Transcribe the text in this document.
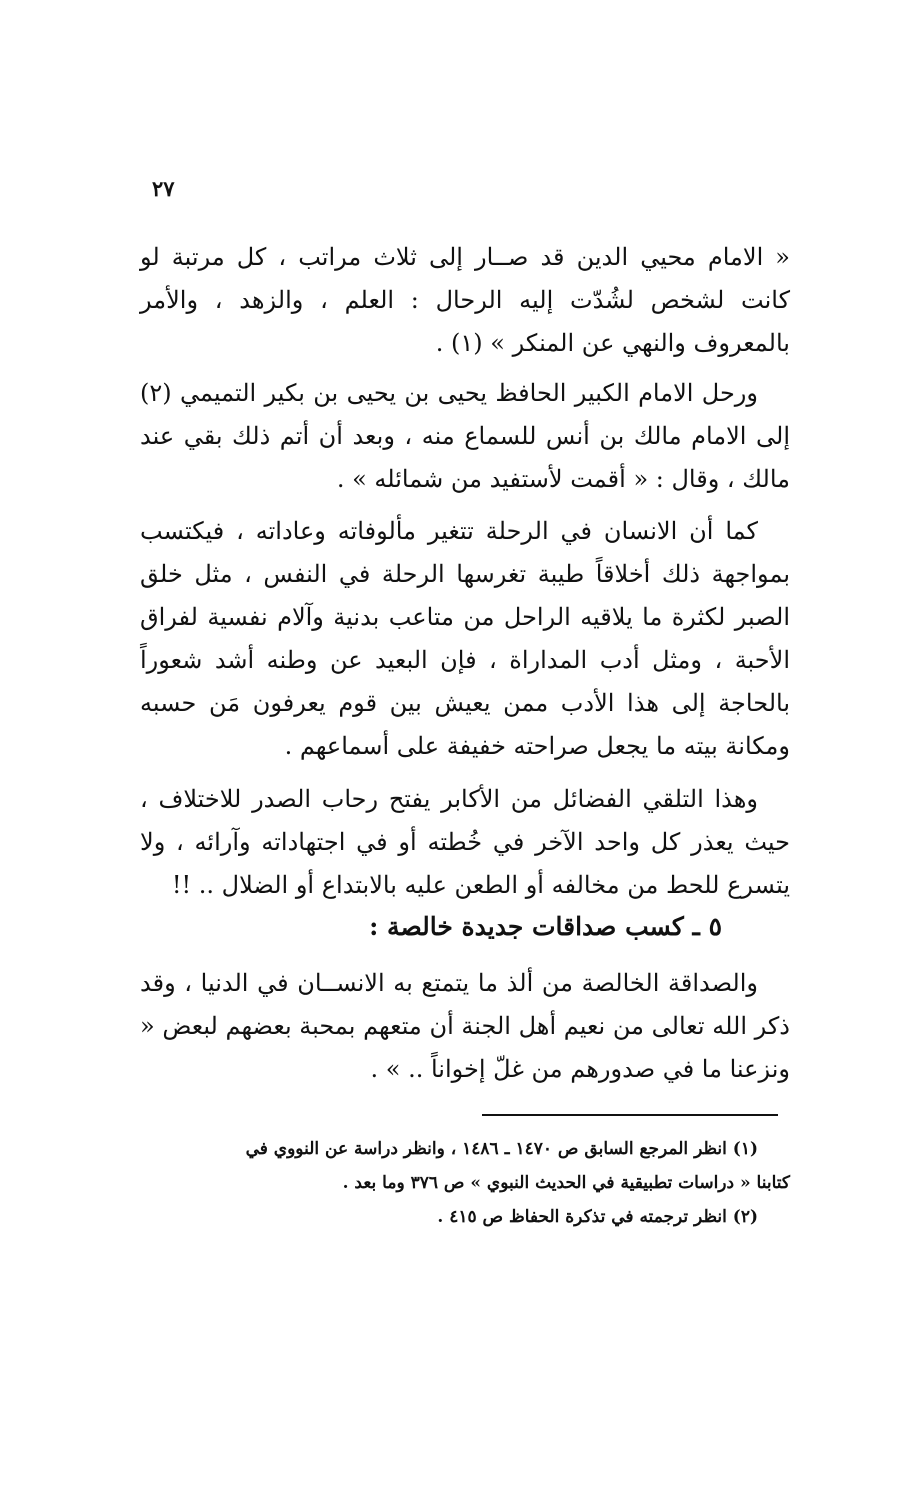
٢٧

« الامام محيي الدين قد صــار إلى ثلاث مراتب ، كل مرتبة لو كانت لشخص لشُدّت إليه الرحال : العلم ، والزهد ، والأمر بالمعروف والنهي عن المنكر » (١) .

ورحل الامام الكبير الحافظ يحيى بن يحيى بن بكير التميمي (٢) إلى الامام مالك بن أنس للسماع منه ، وبعد أن أتم ذلك بقي عند مالك ، وقال : « أقمت لأستفيد من شمائله » .

كما أن الانسان في الرحلة تتغير مألوفاته وعاداته ، فيكتسب بمواجهة ذلك أخلاقاً طيبة تغرسها الرحلة في النفس ، مثل خلق الصبر لكثرة ما يلاقيه الراحل من متاعب بدنية وآلام نفسية لفراق الأحبة ، ومثل أدب المداراة ، فإن البعيد عن وطنه أشد شعوراً بالحاجة إلى هذا الأدب ممن يعيش بين قوم يعرفون مَن حسبه ومكانة بيته ما يجعل صراحته خفيفة على أسماعهم .

وهذا التلقي الفضائل من الأكابر يفتح رحاب الصدر للاختلاف ، حيث يعذر كل واحد الآخر في خُطته أو في اجتهاداته وآرائه ، ولا يتسرع للحط من مخالفه أو الطعن عليه بالابتداع أو الضلال .. !!

٥ ـ كسب صداقات جديدة خالصة :

والصداقة الخالصة من ألذ ما يتمتع به الانســان في الدنيا ، وقد ذكر الله تعالى من نعيم أهل الجنة أن متعهم بمحبة بعضهم لبعض « ونزعنا ما في صدورهم من غلّ إخواناً .. » .

(١) انظر المرجع السابق ص ١٤٧٠ ـ ١٤٨٦ ، وانظر دراسة عن النووي في

كتابنا « دراسات تطبيقية في الحديث النبوي » ص ٣٧٦ وما بعد .

(٢) انظر ترجمته في تذكرة الحفاظ ص ٤١٥ .
